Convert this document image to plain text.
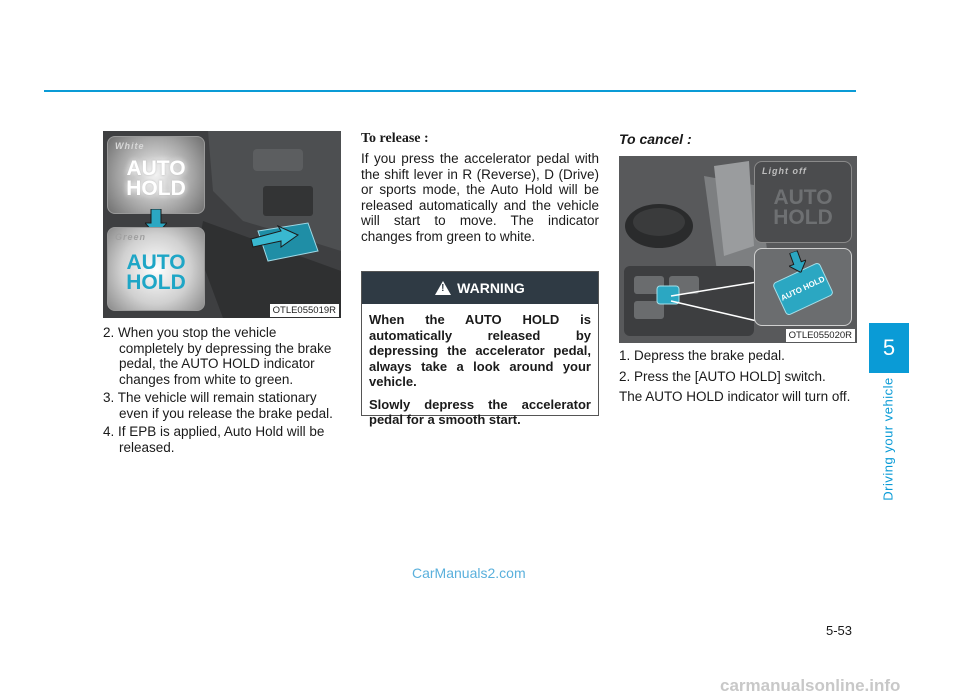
5
Driving your vehicle
White
AUTO
HOLD
Green
AUTO
HOLD
OTLE055019R
2. When you stop the vehicle completely by depressing the brake pedal, the AUTO HOLD indicator changes from white to green.
3. The vehicle will remain stationary even if you release the brake pedal.
4. If EPB is applied, Auto Hold will be released.
To release :
If you press the accelerator pedal with the shift lever in R (Reverse), D (Drive) or sports mode, the Auto Hold will be released automatically and the vehicle will start to move. The indicator changes from green to white.
!
WARNING

When the AUTO HOLD is automatically released by depressing the accelerator pedal, always take a look around your vehicle.

Slowly depress the accelerator pedal for a smooth start.

To cancel :
Light off
AUTO
HOLD
AUTO HOLD
OTLE055020R
1. Depress the brake pedal.
2. Press the [AUTO HOLD] switch.
The AUTO HOLD indicator will turn off.
CarManuals2.com
5-53
carmanualsonline.info
